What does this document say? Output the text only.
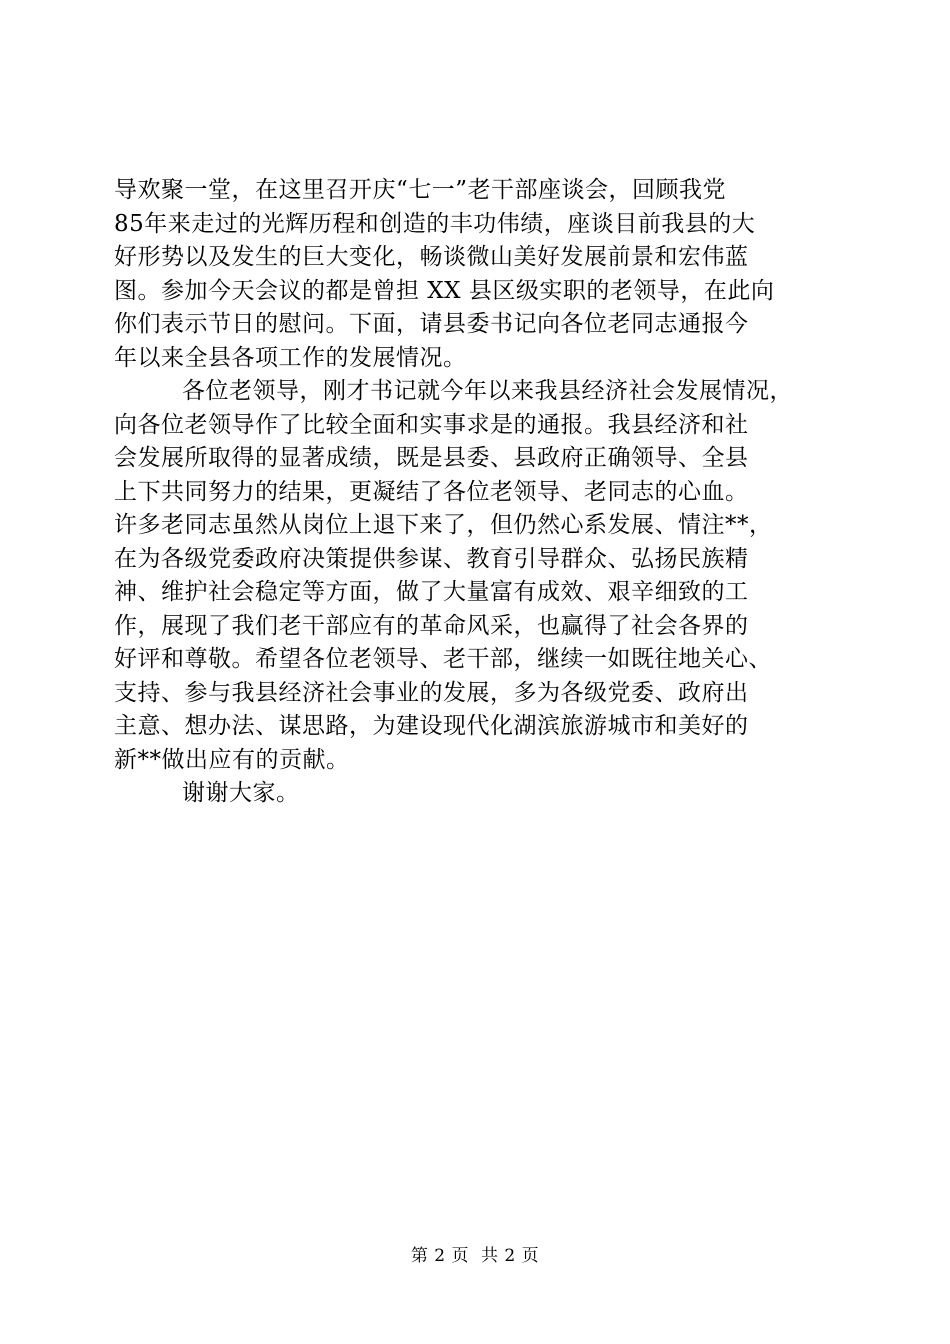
导欢聚一堂，在这里召开庆“七一”老干部座谈会，回顾我党
85年来走过的光辉历程和创造的丰功伟绩，座谈目前我县的大
好形势以及发生的巨大变化，畅谈微山美好发展前景和宏伟蓝
图。参加今天会议的都是曾担 XX 县区级实职的老领导，在此向
你们表示节日的慰问。下面，请县委书记向各位老同志通报今
年以来全县各项工作的发展情况。
各位老领导，刚才书记就今年以来我县经济社会发展情况，
向各位老领导作了比较全面和实事求是的通报。我县经济和社
会发展所取得的显著成绩，既是县委、县政府正确领导、全县
上下共同努力的结果，更凝结了各位老领导、老同志的心血。
许多老同志虽然从岗位上退下来了，但仍然心系发展、情注**，
在为各级党委政府决策提供参谋、教育引导群众、弘扬民族精
神、维护社会稳定等方面，做了大量富有成效、艰辛细致的工
作，展现了我们老干部应有的革命风采，也赢得了社会各界的
好评和尊敬。希望各位老领导、老干部，继续一如既往地关心、
支持、参与我县经济社会事业的发展，多为各级党委、政府出
主意、想办法、谋思路，为建设现代化湖滨旅游城市和美好的
新**做出应有的贡献。
谢谢大家。
第 2 页 共 2 页
